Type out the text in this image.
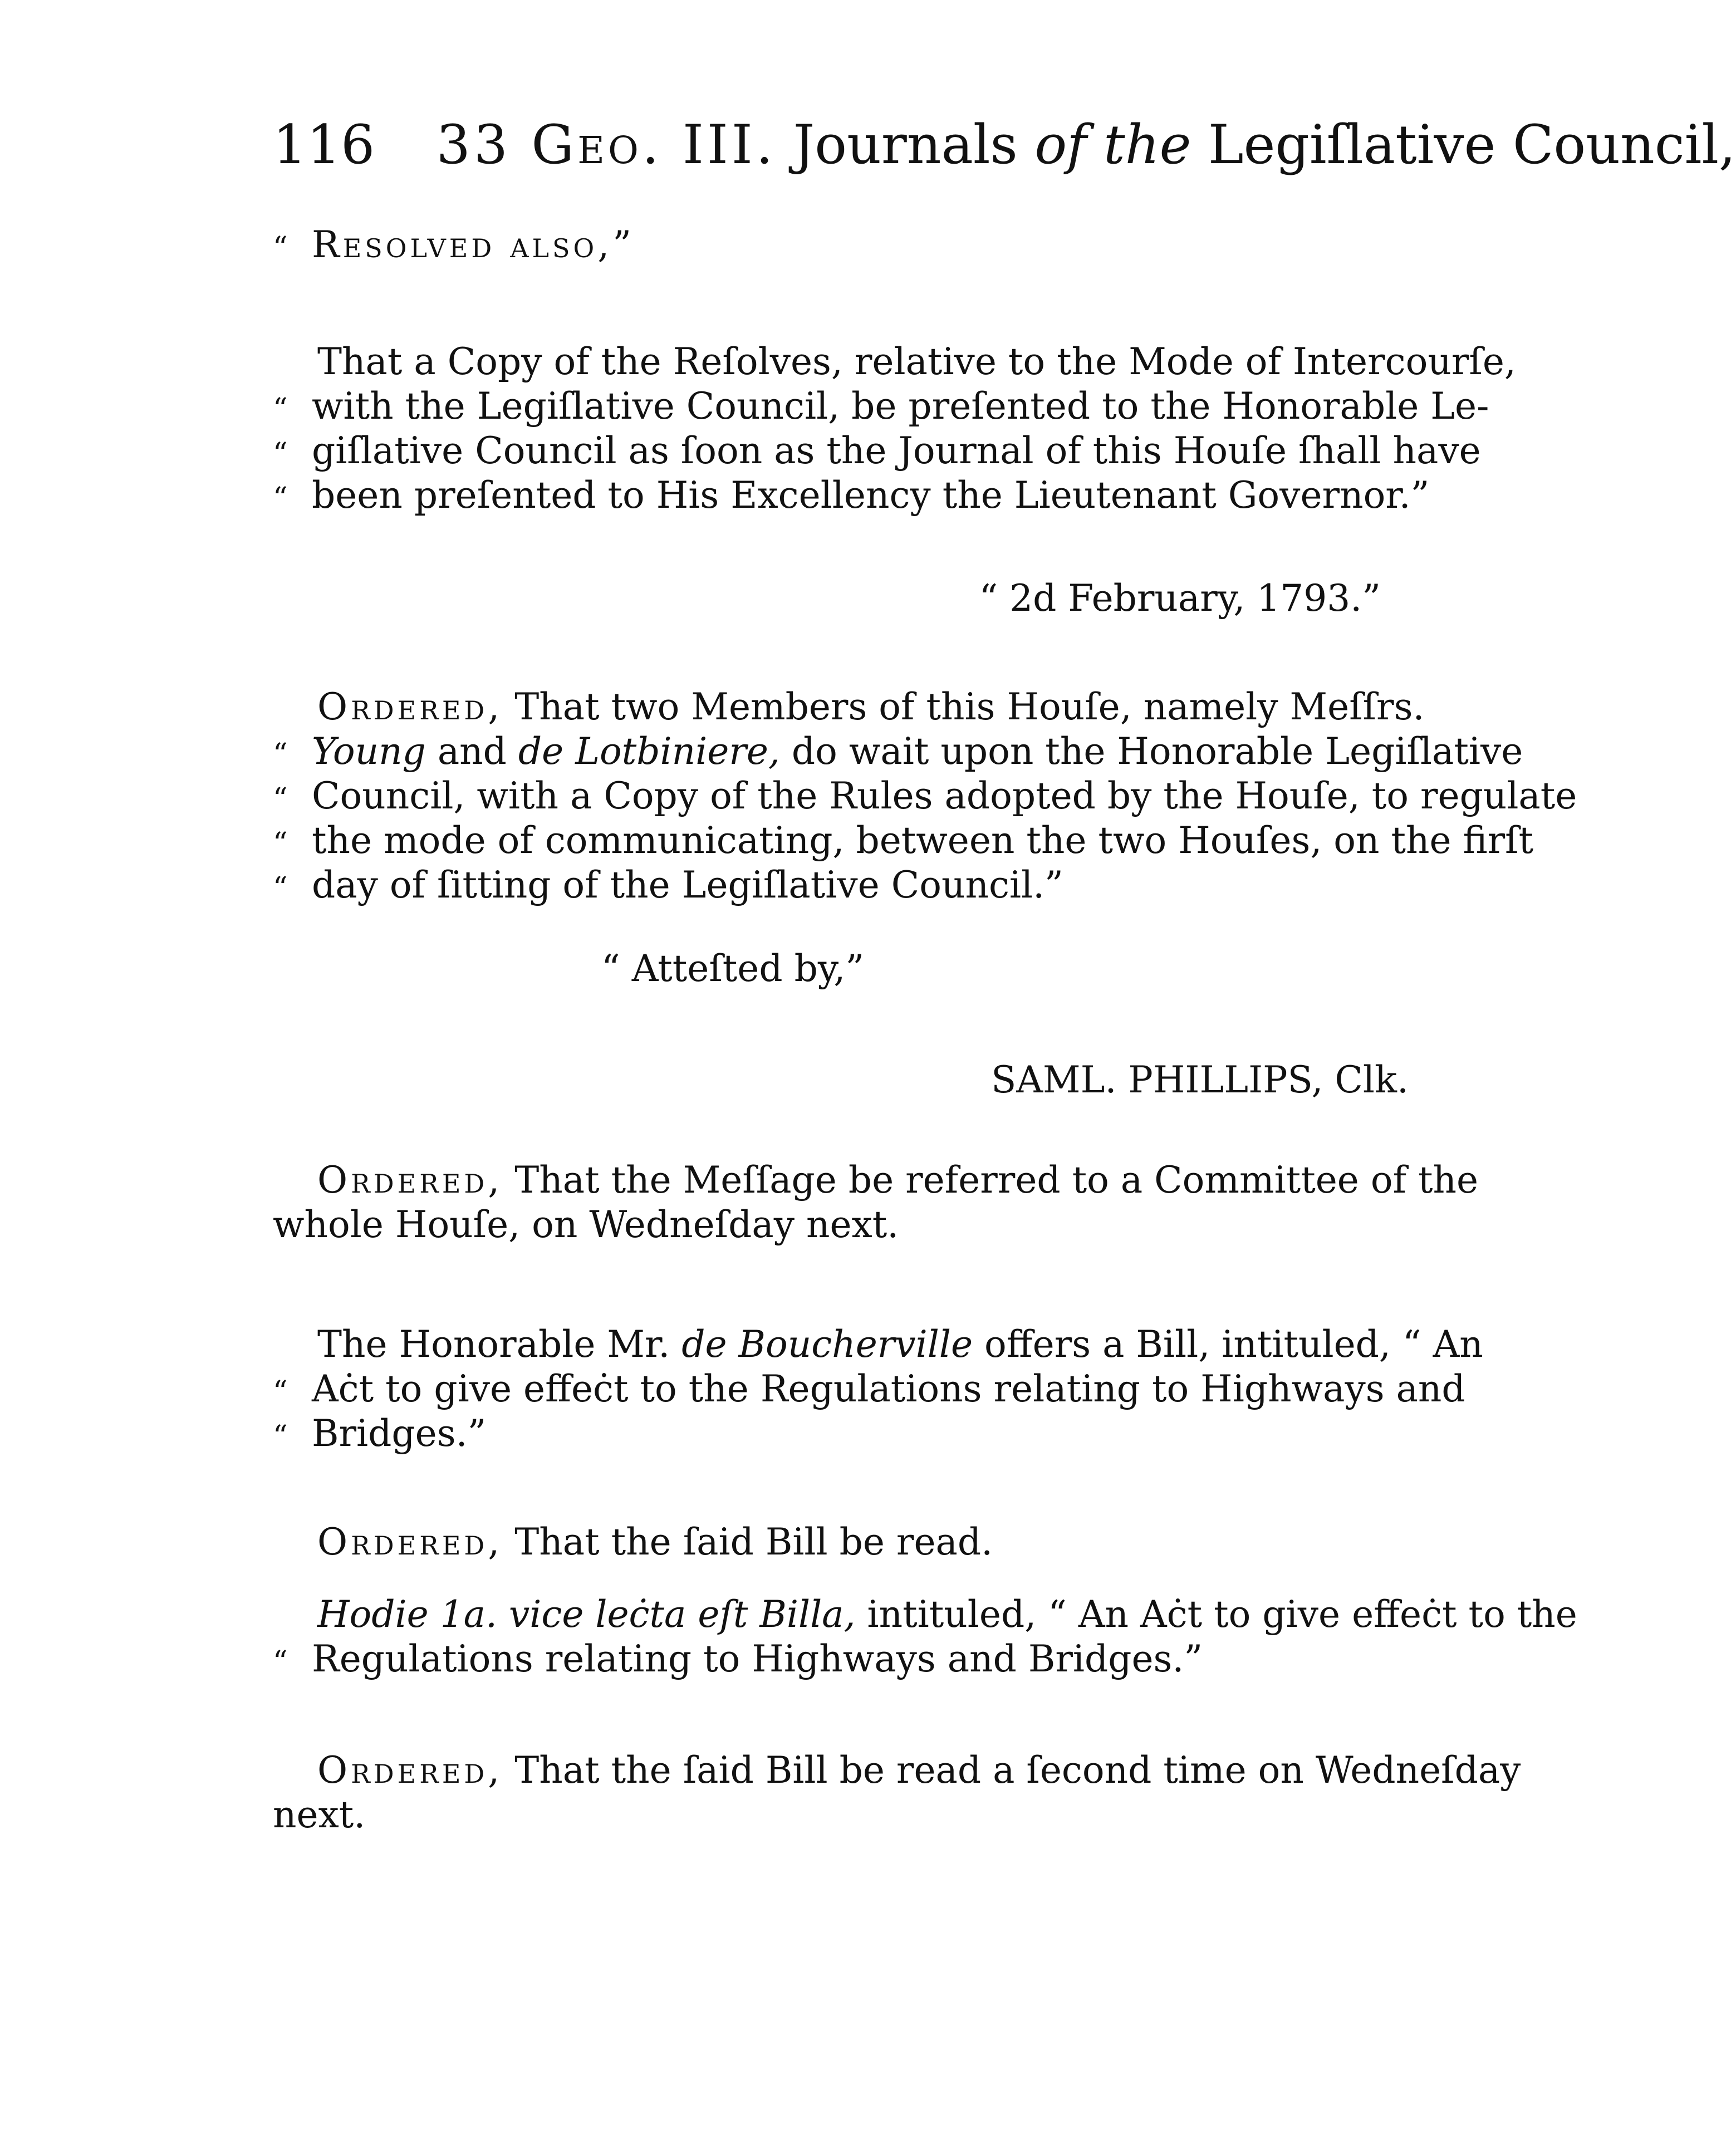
116 33 Geo. III. Journals of the Legiſlative Council,
“ Resolved also,”
That a Copy of the Reſolves, relative to the Mode of Intercourſe,
“ with the Legiſlative Council, be preſented to the Honorable Le-
“ giſlative Council as ſoon as the Journal of this Houſe ſhall have
“ been preſented to His Excellency the Lieutenant Governor.”
“ 2d February, 1793.”
Ordered, That two Members of this Houſe, namely Meſſrs.
“ Young and de Lotbiniere, do wait upon the Honorable Legiſlative
“ Council, with a Copy of the Rules adopted by the Houſe, to regulate
“ the mode of communicating, between the two Houſes, on the firſt
“ day of ſitting of the Legiſlative Council.”
“ Atteſted by,”
SAML. PHILLIPS, Clk.
Ordered, That the Meſſage be referred to a Committee of the
whole Houſe, on Wedneſday next.
The Honorable Mr. de Boucherville offers a Bill, intituled, “ An
“ Aċt to give effeċt to the Regulations relating to Highways and
“ Bridges.”
Ordered, That the ſaid Bill be read.
Hodie 1a. vice leċta eſt Billa, intituled, “ An Aċt to give effeċt to the
“ Regulations relating to Highways and Bridges.”
Ordered, That the ſaid Bill be read a ſecond time on Wedneſday
next.
